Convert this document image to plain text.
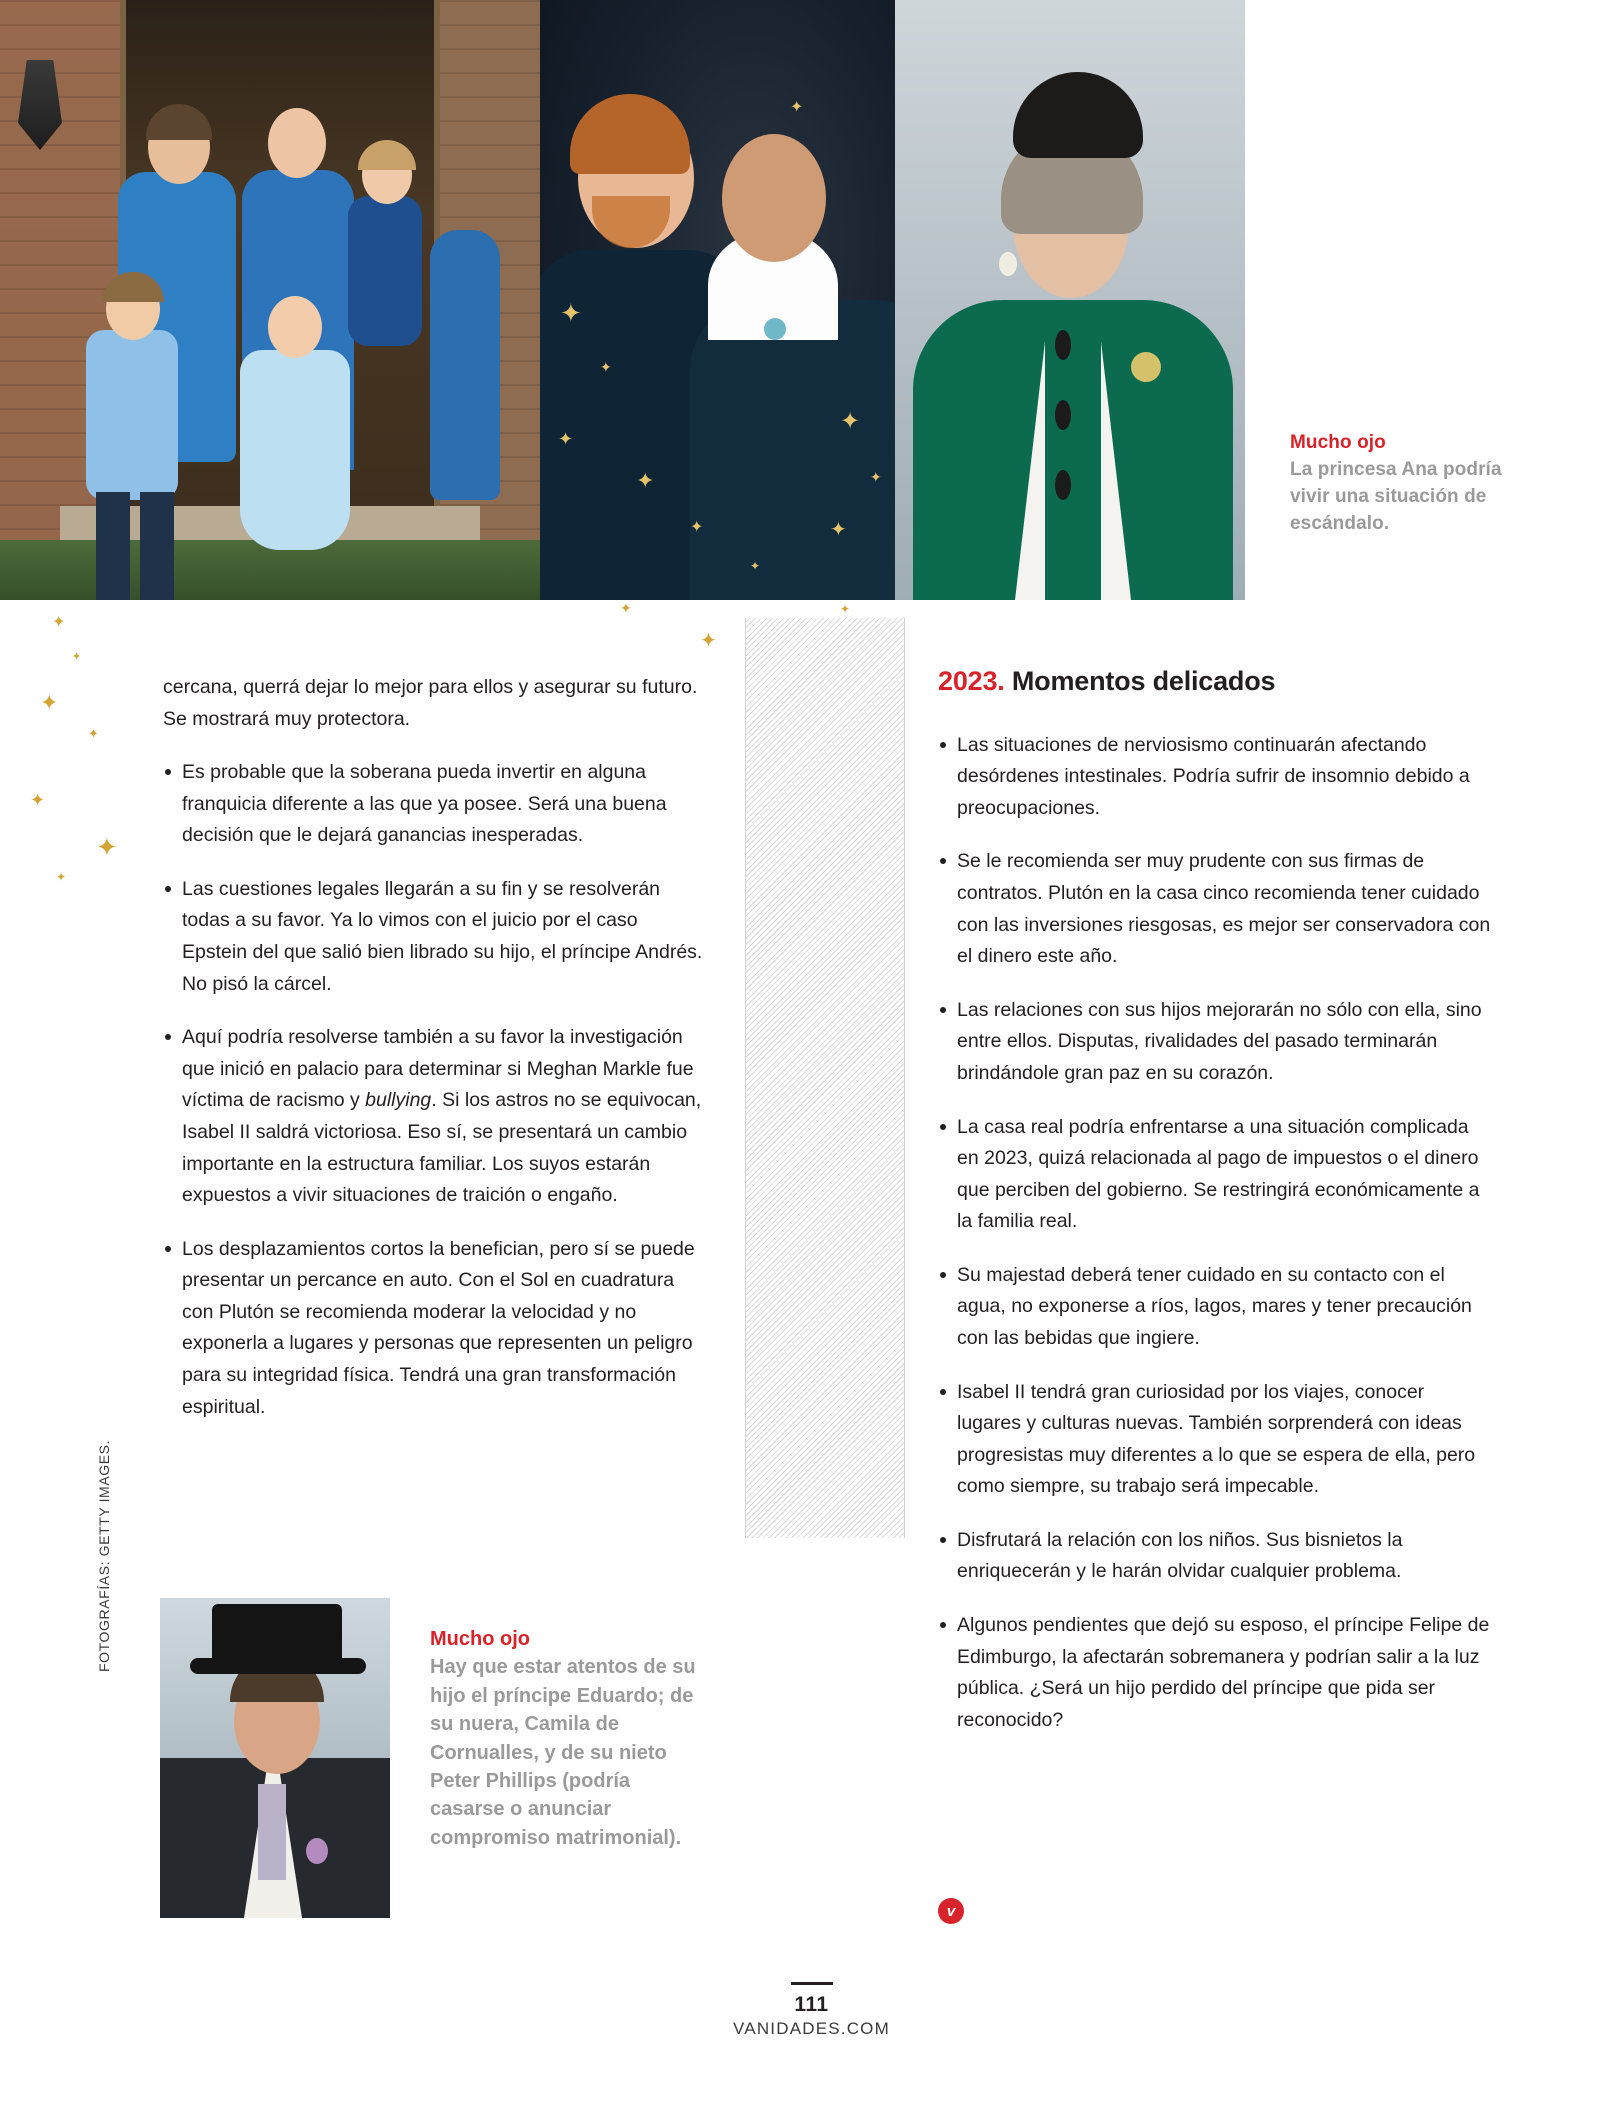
✦
✦
✦
✦
✦
✦
✦
✦
✦
✦
Mucho ojo
La princesa Ana podría vivir una situación de escándalo.
✦
✦
✦
✦
✦
✦
✦
✦
✦
✦

cercana, querrá dejar lo mejor para ellos y asegurar su futuro. Se mostrará muy protectora.

Es probable que la soberana pueda invertir en alguna franquicia diferente a las que ya posee. Será una buena decisión que le dejará ganancias inesperadas.

Las cuestiones legales llegarán a su fin y se resolverán todas a su favor. Ya lo vimos con el juicio por el caso Epstein del que salió bien librado su hijo, el príncipe Andrés. No pisó la cárcel.

Aquí podría resolverse también a su favor la investigación que inició en palacio para determinar si Meghan Markle fue víctima de racismo y bullying. Si los astros no se equivocan, Isabel II saldrá victoriosa. Eso sí, se presentará un cambio importante en la estructura familiar. Los suyos estarán expuestos a vivir situaciones de traición o engaño.

Los desplazamientos cortos la benefician, pero sí se puede presentar un percance en auto. Con el Sol en cuadratura con Plutón se recomienda moderar la velocidad y no exponerla a lugares y personas que representen un peligro para su integridad física. Tendrá una gran transformación espiritual.

2023. Momentos delicados

Las situaciones de nerviosismo continuarán afectando desórdenes intestinales. Podría sufrir de insomnio debido a preocupaciones.

Se le recomienda ser muy prudente con sus firmas de contratos. Plutón en la casa cinco recomienda tener cuidado con las inversiones riesgosas, es mejor ser conservadora con el dinero este año.

Las relaciones con sus hijos mejorarán no sólo con ella, sino entre ellos. Disputas, rivalidades del pasado terminarán brindándole gran paz en su corazón.

La casa real podría enfrentarse a una situación complicada en 2023, quizá relacionada al pago de impuestos o el dinero que perciben del gobierno. Se restringirá económicamente a la familia real.

Su majestad deberá tener cuidado en su contacto con el agua, no exponerse a ríos, lagos, mares y tener precaución con las bebidas que ingiere.

Isabel II tendrá gran curiosidad por los viajes, conocer lugares y culturas nuevas. También sorprenderá con ideas progresistas muy diferentes a lo que se espera de ella, pero como siempre, su trabajo será impecable.

Disfrutará la relación con los niños. Sus bisnietos la enriquecerán y le harán olvidar cualquier problema.

Algunos pendientes que dejó su esposo, el príncipe Felipe de Edimburgo, la afectarán sobremanera y podrían salir a la luz pública. ¿Será un hijo perdido del príncipe que pida ser reconocido?

v
Mucho ojo
Hay que estar atentos de su hijo el príncipe Eduardo; de su nuera, Camila de Cornualles, y de su nieto Peter Phillips (podría casarse o anunciar compromiso matrimonial).
FOTOGRAFÍAS: GETTY IMAGES.
111
VANIDADES.COM
